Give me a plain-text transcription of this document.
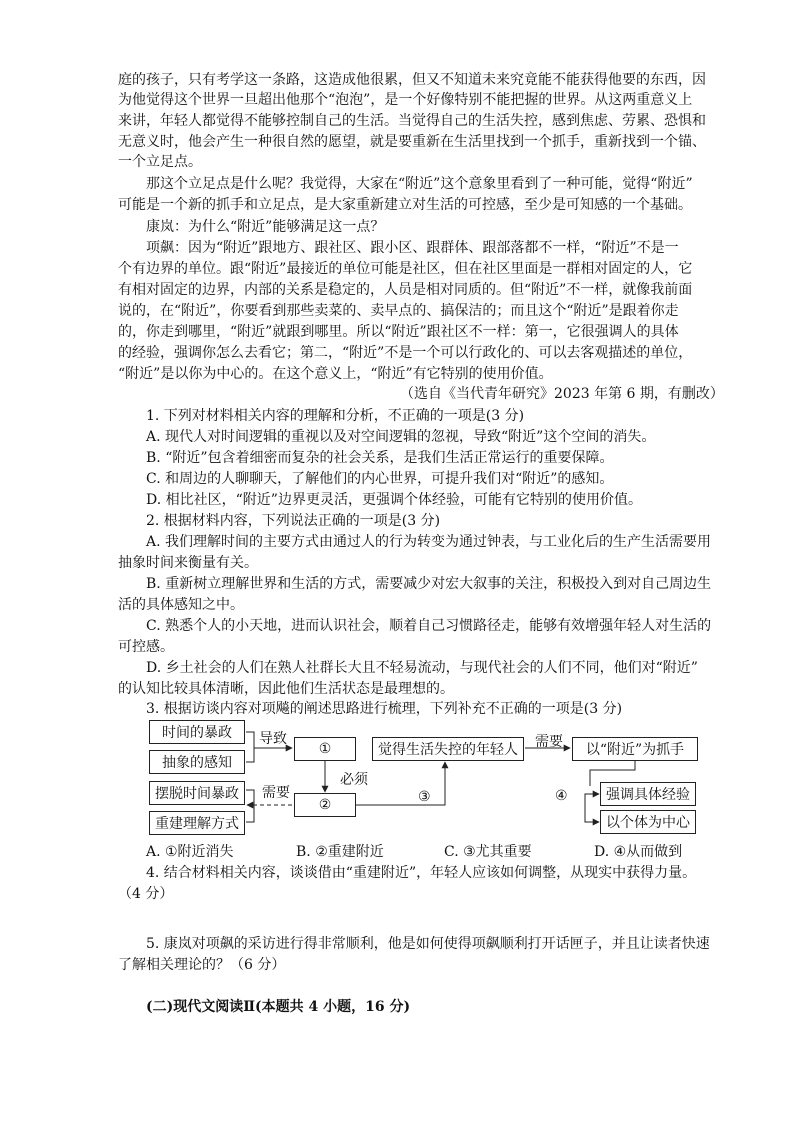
庭的孩子，只有考学这一条路，这造成他很累，但又不知道未来究竟能不能获得他要的东西，因
为他觉得这个世界一旦超出他那个“泡泡”，是一个好像特别不能把握的世界。从这两重意义上
来讲，年轻人都觉得不能够控制自己的生活。当觉得自己的生活失控，感到焦虑、劳累、恐惧和
无意义时，他会产生一种很自然的愿望，就是要重新在生活里找到一个抓手，重新找到一个锚、
一个立足点。
那这个立足点是什么呢？我觉得，大家在“附近”这个意象里看到了一种可能，觉得“附近”
可能是一个新的抓手和立足点，是大家重新建立对生活的可控感，至少是可知感的一个基础。
康岚：为什么“附近”能够满足这一点？
项飙：因为“附近”跟地方、跟社区、跟小区、跟群体、跟部落都不一样，“附近”不是一
个有边界的单位。跟“附近”最接近的单位可能是社区，但在社区里面是一群相对固定的人，它
有相对固定的边界，内部的关系是稳定的，人员是相对同质的。但“附近”不一样，就像我前面
说的，在“附近”，你要看到那些卖菜的、卖早点的、搞保洁的；而且这个“附近”是跟着你走
的，你走到哪里，“附近”就跟到哪里。所以“附近”跟社区不一样：第一，它很强调人的具体
的经验，强调你怎么去看它；第二，“附近”不是一个可以行政化的、可以去客观描述的单位，
“附近”是以你为中心的。在这个意义上，“附近”有它特别的使用价值。
（选自《当代青年研究》2023 年第 6 期，有删改）
1. 下列对材料相关内容的理解和分析，不正确的一项是(3 分)
A. 现代人对时间逻辑的重视以及对空间逻辑的忽视，导致“附近”这个空间的消失。
B. “附近”包含着细密而复杂的社会关系，是我们生活正常运行的重要保障。
C. 和周边的人聊聊天，了解他们的内心世界，可提升我们对“附近”的感知。
D. 相比社区，“附近”边界更灵活，更强调个体经验，可能有它特别的使用价值。
2. 根据材料内容，下列说法正确的一项是(3 分)
A. 我们理解时间的主要方式由通过人的行为转变为通过钟表，与工业化后的生产生活需要用
抽象时间来衡量有关。
B. 重新树立理解世界和生活的方式，需要减少对宏大叙事的关注，积极投入到对自己周边生
活的具体感知之中。
C. 熟悉个人的小天地，进而认识社会，顺着自己习惯路径走，能够有效增强年轻人对生活的
可控感。
D. 乡土社会的人们在熟人社群长大且不轻易流动，与现代社会的人们不同，他们对“附近”
的认知比较具体清晰，因此他们生活状态是最理想的。
3. 根据访谈内容对项飚的阐述思路进行梳理，下列补充不正确的一项是(3 分)
时间的暴政
抽象的感知
导致
①
必须
②
需要
摆脱时间暴政
重建理解方式
③
觉得生活失控的年轻人	需要	以“附近”为抓手
④	强调具体经验
以个体为中心
A. ①附近消失	B. ②重建附近	C. ③尤其重要	D. ④从而做到
4. 结合材料相关内容，谈谈借由“重建附近”，年轻人应该如何调整，从现实中获得力量。
（4 分）
5. 康岚对项飙的采访进行得非常顺利，他是如何使得项飙顺利打开话匣子，并且让读者快速
了解相关理论的？（6 分）
(二)现代文阅读Ⅱ(本题共 4 小题，16 分)
